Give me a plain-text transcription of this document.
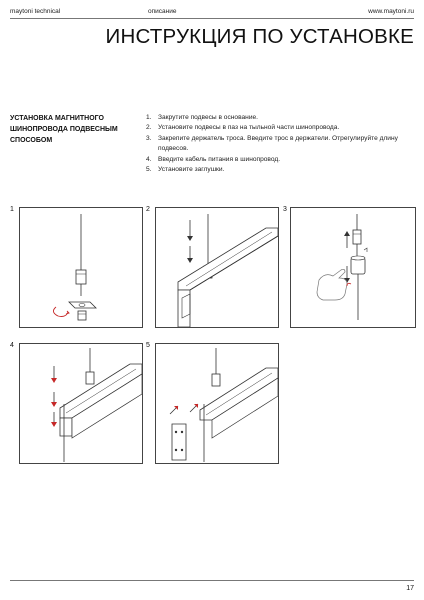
maytoni technical	описание	www.maytoni.ru
ИНСТРУКЦИЯ ПО УСТАНОВКЕ
УСТАНОВКА МАГНИТНОГО ШИНОПРОВОДА ПОДВЕСНЫМ СПОСОБОМ
1. Закрутите подвесы в основание.
2. Установите подвесы в паз на тыльной части шинопровода.
3. Закрепите держатель троса. Введите трос в держатели. Отрегулируйте длину подвесов.
4. Введите кабель питания в шинопровод.
5. Установите заглушки.
1	2	3
4	5
17
